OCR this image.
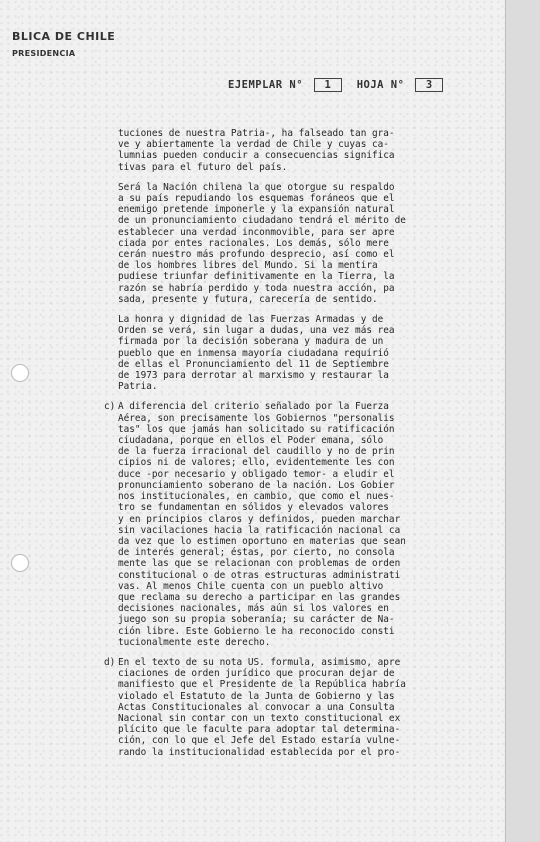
BLICA DE CHILE
PRESIDENCIA
EJEMPLAR N° 1 HOJA N° 3
tuciones de nuestra Patria-, ha falseado tan gra-
ve y abiertamente la verdad de Chile y cuyas ca-
lumnias pueden conducir a consecuencias significa
tivas para el futuro del país.
Será la Nación chilena la que otorgue su respaldo
a su país repudiando los esquemas foráneos que el
enemigo pretende imponerle y la expansión natural
de un pronunciamiento ciudadano tendrá el mérito de
establecer una verdad inconmovible, para ser apre
ciada por entes racionales. Los demás, sólo mere
cerán nuestro más profundo desprecio, así como el
de los hombres libres del Mundo. Si la mentira
pudiese triunfar definitivamente en la Tierra, la
razón se habría perdido y toda nuestra acción, pa
sada, presente y futura, carecería de sentido.
La honra y dignidad de las Fuerzas Armadas y de
Orden se verá, sin lugar a dudas, una vez más rea
firmada por la decisión soberana y madura de un
pueblo que en inmensa mayoría ciudadana requirió
de ellas el Pronunciamiento del 11 de Septiembre
de 1973 para derrotar al marxismo y restaurar la
Patria.
c) A diferencia del criterio señalado por la Fuerza
Aérea, son precisamente los Gobiernos "personalis
tas" los que jamás han solicitado su ratificación
ciudadana, porque en ellos el Poder emana, sólo
de la fuerza irracional del caudillo y no de prin
cipios ni de valores; ello, evidentemente les con
duce -por necesario y obligado temor- a eludir el
pronunciamiento soberano de la nación. Los Gobier
nos institucionales, en cambio, que como el nues-
tro se fundamentan en sólidos y elevados valores
y en principios claros y definidos, pueden marchar
sin vacilaciones hacia la ratificación nacional ca
da vez que lo estimen oportuno en materias que sean
de interés general; éstas, por cierto, no consola
mente las que se relacionan con problemas de orden
constitucional o de otras estructuras administrati
vas. Al menos Chile cuenta con un pueblo altivo
que reclama su derecho a participar en las grandes
decisiones nacionales, más aún si los valores en
juego son su propia soberanía; su carácter de Na-
ción libre. Este Gobierno le ha reconocido consti
tucionalmente este derecho.
d) En el texto de su nota US. formula, asimismo, apre
ciaciones de orden jurídico que procuran dejar de
manifiesto que el Presidente de la República habría
violado el Estatuto de la Junta de Gobierno y las
Actas Constitucionales al convocar a una Consulta
Nacional sin contar con un texto constitucional ex
plícito que le faculte para adoptar tal determina-
ción, con lo que el Jefe del Estado estaría vulne-
rando la institucionalidad establecida por el pro-
